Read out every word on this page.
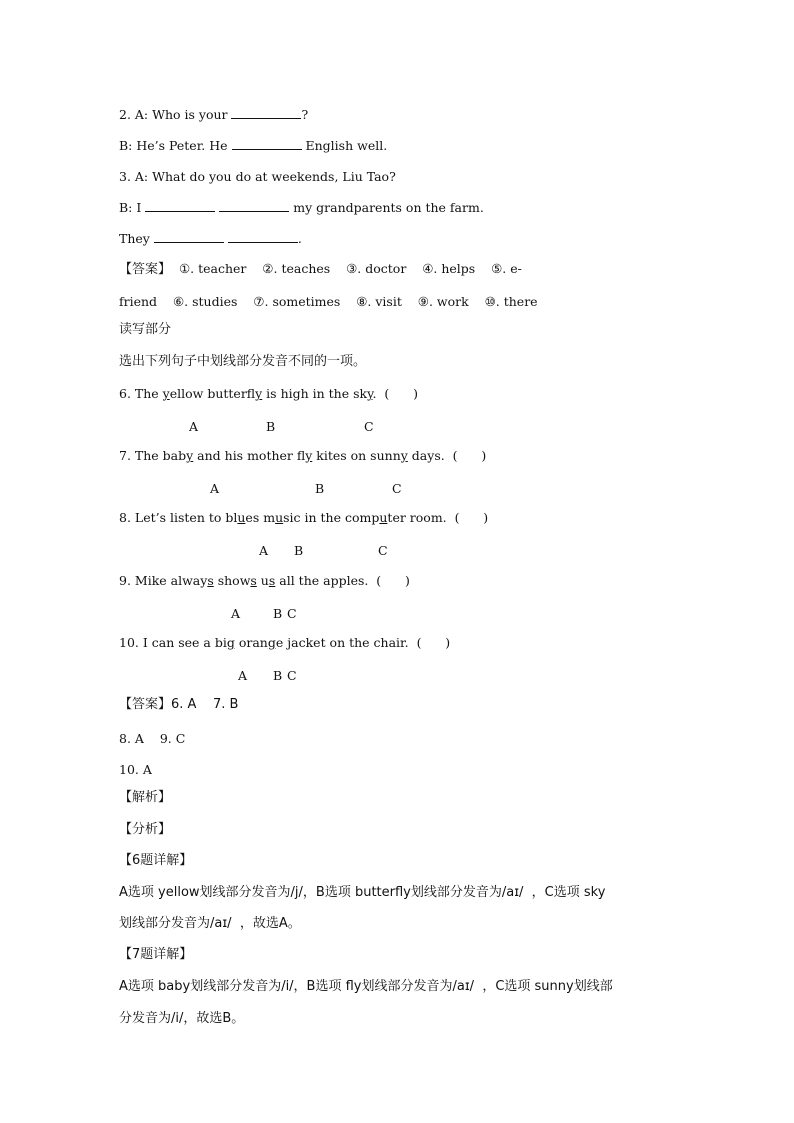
2. A: Who is your	?
B: He’s Peter. He	English well.
3. A: What do you do at weekends, Liu Tao?
B: I	my grandparents on the farm.
They	.
【答案】  ①. teacher    ②. teaches    ③. doctor    ④. helps    ⑤. e-
friend    ⑥. studies    ⑦. sometimes    ⑧. visit    ⑨. work    ⑩. there
读写部分
选出下列句子中划线部分发音不同的一项。
6. The yellow butterfly is high in the sky.  (      )
A	B	C
7. The baby and his mother fly kites on sunny days.  (      )
A	B	C
8. Let’s listen to blues music in the computer room.  (      )
A B	C
9. Mike always shows us all the apples.  (      )
A	B C
10. I can see a big orange jacket on the chair.  (      )
A B C
【答案】6. A    7. B
8. A    9. C
10. A
【解析】
【分析】
【6题详解】
A选项 yellow划线部分发音为/j/，B选项 butterfly划线部分发音为/aɪ/  ，C选项 sky
划线部分发音为/aɪ/  ，故选A。
【7题详解】
A选项 baby划线部分发音为/i/，B选项 fly划线部分发音为/aɪ/  ，C选项 sunny划线部
分发音为/i/，故选B。
